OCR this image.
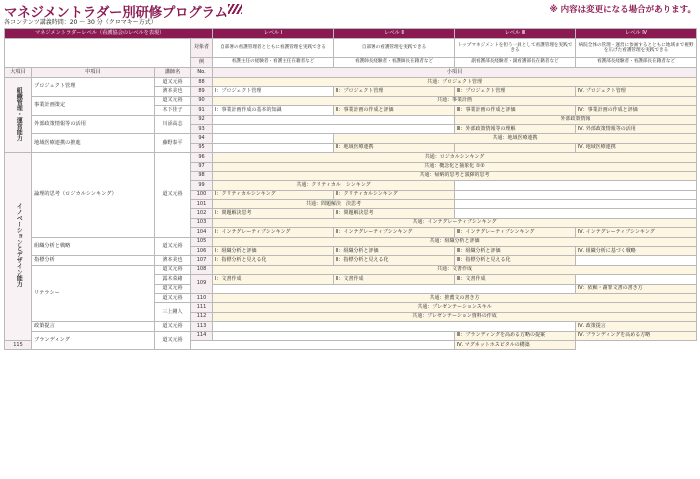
マネジメントラダー別研修プログラム	※ 内容は変更になる場合があります。
各コンテンツ講義時間：20 〜 30 分（クロマキー方式）
マネジメントラダーレベル（看護協会のレベルを表現）				レベル Ⅰ	レベル Ⅱ	レベル Ⅲ	レベル Ⅳ
			対象者	自部署の看護管理者とともに看護管理を実践できる	自部署の看護管理を実践できる	トップマネジメントを担う一員として看護管理を実践できる	病院全体の管理・運営に参画するとともに地域まで視野を広げた看護管理を実践できる
			例	看護主任の経験者・看護主任在籍者など	看護師長経験者・看護師長在籍者など	副看護部長経験者・副看護部長在籍者など	看護部長経験者・看護部長在籍者など
大項目	中項目	講師名	No.	小項目			
組織管理・運営能力	プロジェクト管理	道又元裕	88	共通：プロジェクト管理			
		濱本美也	89	Ⅰ：プロジェクト管理	Ⅱ：プロジェクト管理	Ⅲ：プロジェクト管理	Ⅳ. プロジェクト管理
	事業計画策定	道又元裕	90	共通：事業計画			
		木下佳子	91	Ⅰ：事業計画作成の基本的知識	Ⅱ：事業計画の作成と評価	Ⅲ：事業計画の作成と評価	Ⅳ：事業計画の作成と評価
	外部政策情報等の活用	川添高志	92			外部政策情報	
			93			Ⅲ：外部政策情報等の理解	Ⅳ. 外部政策情報等の活用
	地域医療連携の推進	藤野泰平	94		共通：地域医療連携		
			95		Ⅱ：地域医療連携		Ⅳ. 地域医療連携
イノベーションとデザイン能力	論理的思考（ロジカルシンキング）	道又元裕	96	共通：ロジカルシンキング			
			97	共通：概念化と抽象化 ①②			
			98	共通：帰納的思考と演繹的思考			
			99	共通：クリティカル　シンキング			
			100	Ⅰ：クリティカルシンキング	Ⅱ：クリティカルシンキング		
			101	共通：問題解決　決思考			
			102	Ⅰ：問題解決思考	Ⅱ：問題解決思考		
			103	共通：インテグレーティブシンキング			
			104	Ⅰ：インテグレーティブシンキング	Ⅱ：インテグレーティブシンキング	Ⅲ：インテグレーティブシンキング	Ⅳ. インテグレーティブシンキング
	組織分析と戦略	道又元裕	105	共通：組織分析と評価			
			106	Ⅰ：組織分析と評価	Ⅱ：組織分析と評価	Ⅲ：組織分析と評価	Ⅳ. 組織分析に基づく戦略
	指標分析	濱本美也	107	Ⅰ：指標分析と見える化	Ⅱ：指標分析と見える化	Ⅲ：指標分析と見える化	
	リテラシー	道又元裕	108	共通：文書作成			
		露木菜緒	109	Ⅰ：文書作成	Ⅱ：文書作成	Ⅲ：文書作成	
		道又元裕					Ⅳ：依頼・謝罪文書の書き方
		道又元裕	110	共通：推薦文の書き方			
		三上剛人	111	共通：プレゼンテーションスキル			
			112	共通：プレゼンテーション資料の作成			
	政策提言	道又元裕	113				Ⅳ. 政策提言
	ブランディング	道又元裕	114			Ⅲ：ブランディングを高める方略の提案	Ⅳ. ブランディングを高める方略
115						Ⅳ. マグネットホスピタルの構築	
